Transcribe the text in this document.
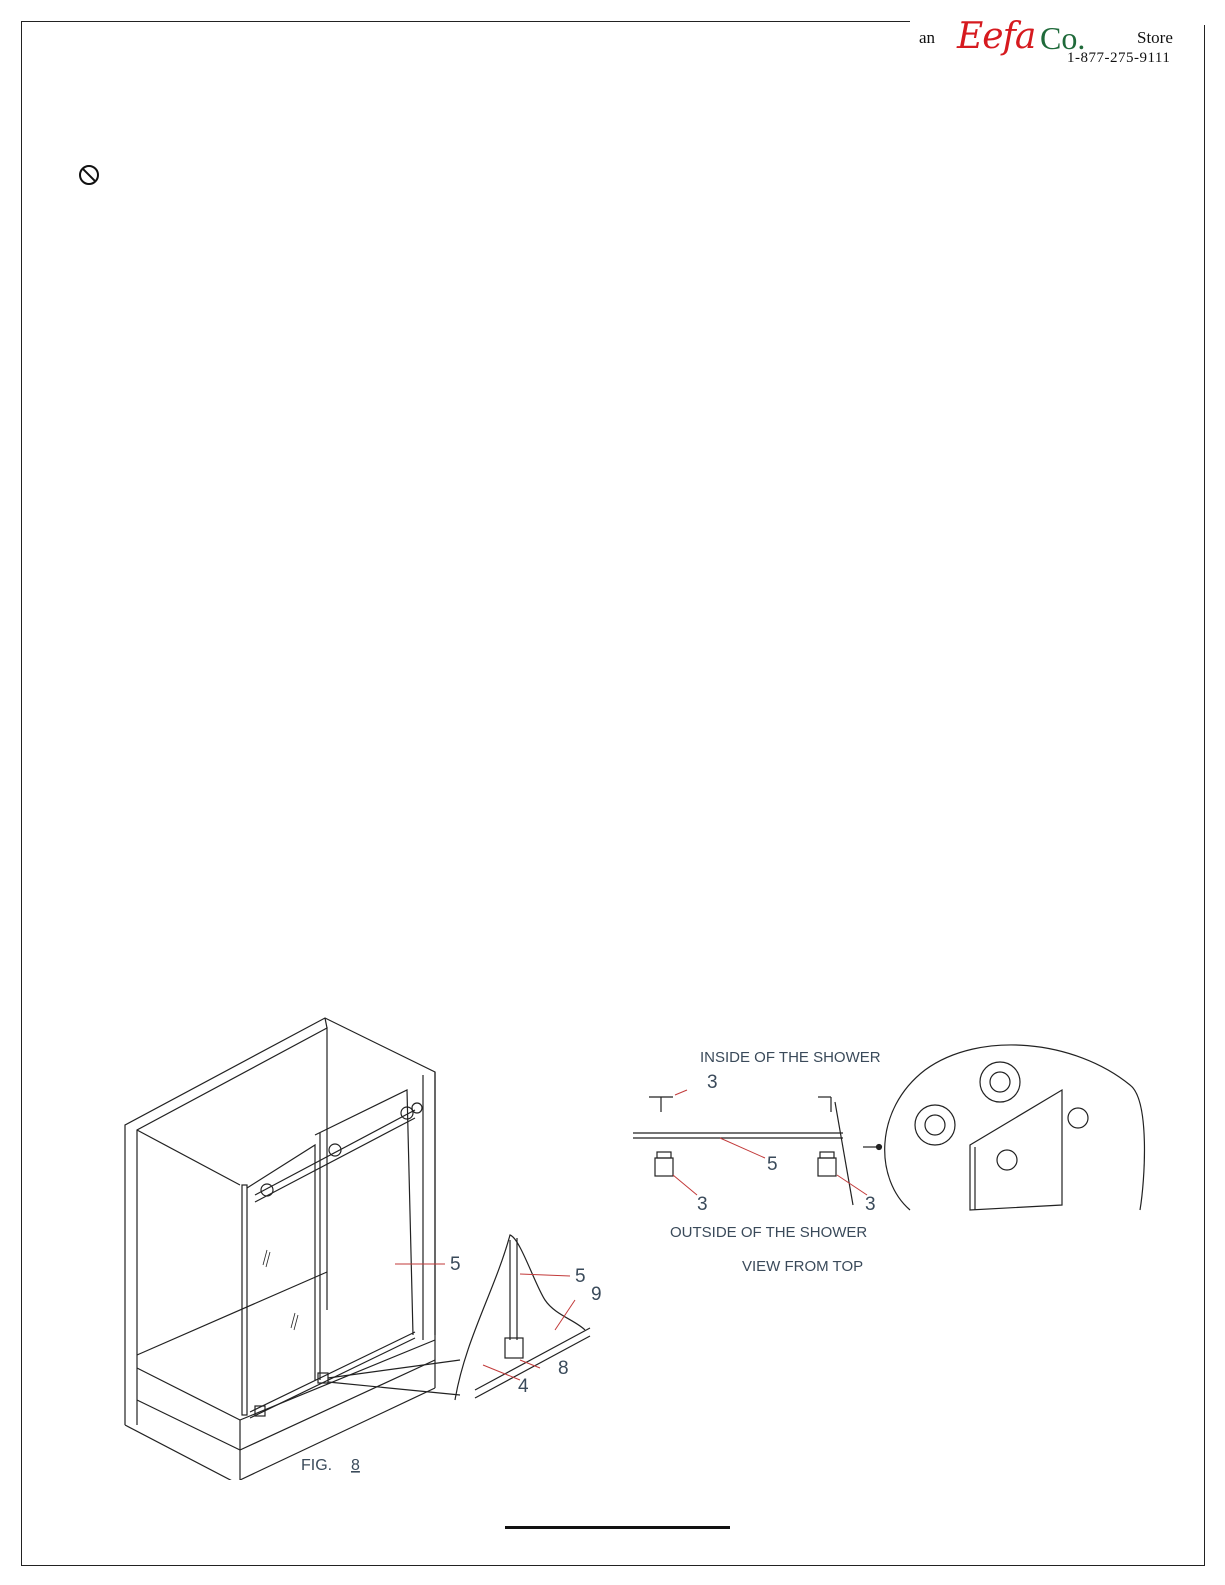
an Eefa Co.	Store
1-877-275-9111
5
5
9
4
8
FIG. 8
INSIDE OF THE SHOWER
OUTSIDE OF THE SHOWER
VIEW FROM TOP
3
5
3	3
